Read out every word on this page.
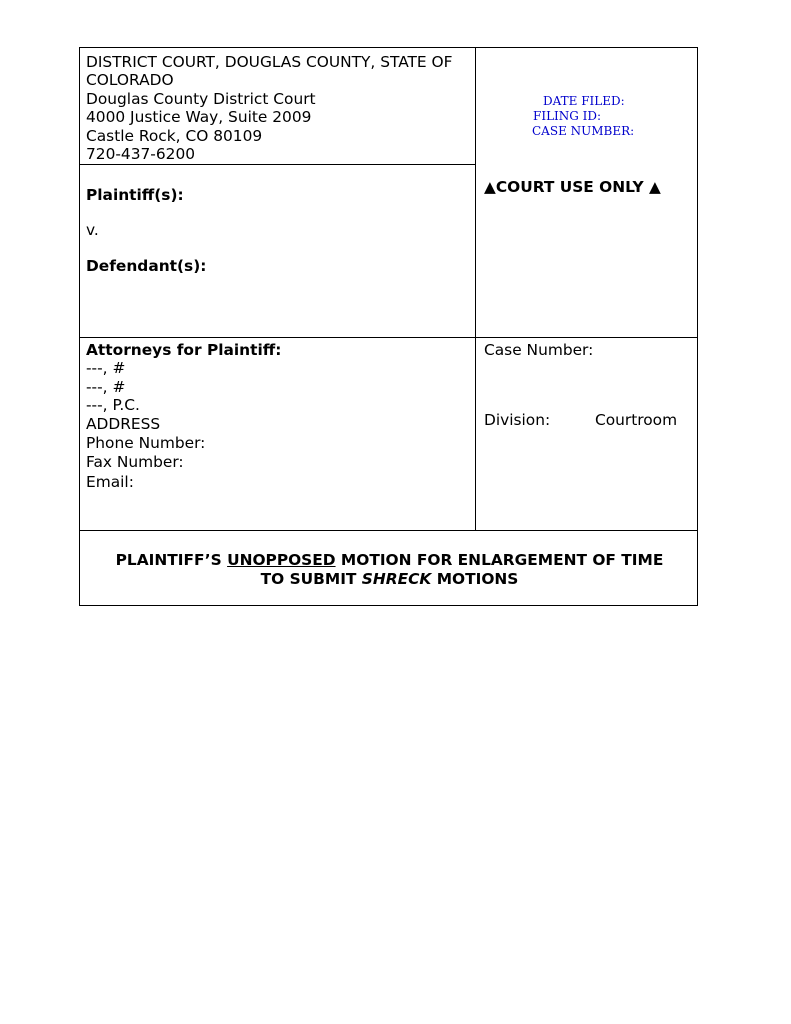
DISTRICT COURT, DOUGLAS COUNTY, STATE OF
COLORADO
Douglas County District Court
4000 Justice Way, Suite 2009
Castle Rock, CO 80109
720-437-6200
Plaintiff(s):
v.
Defendant(s):
DATE FILED:
FILING ID:
CASE NUMBER:
▲COURT USE ONLY ▲
Attorneys for Plaintiff:
---, #
---, #
---, P.C.
ADDRESS
Phone Number:
Fax Number:
Email:
Case Number:
Division:	Courtroom
PLAINTIFF’S UNOPPOSED MOTION FOR ENLARGEMENT OF TIME
TO SUBMIT SHRECK MOTIONS
